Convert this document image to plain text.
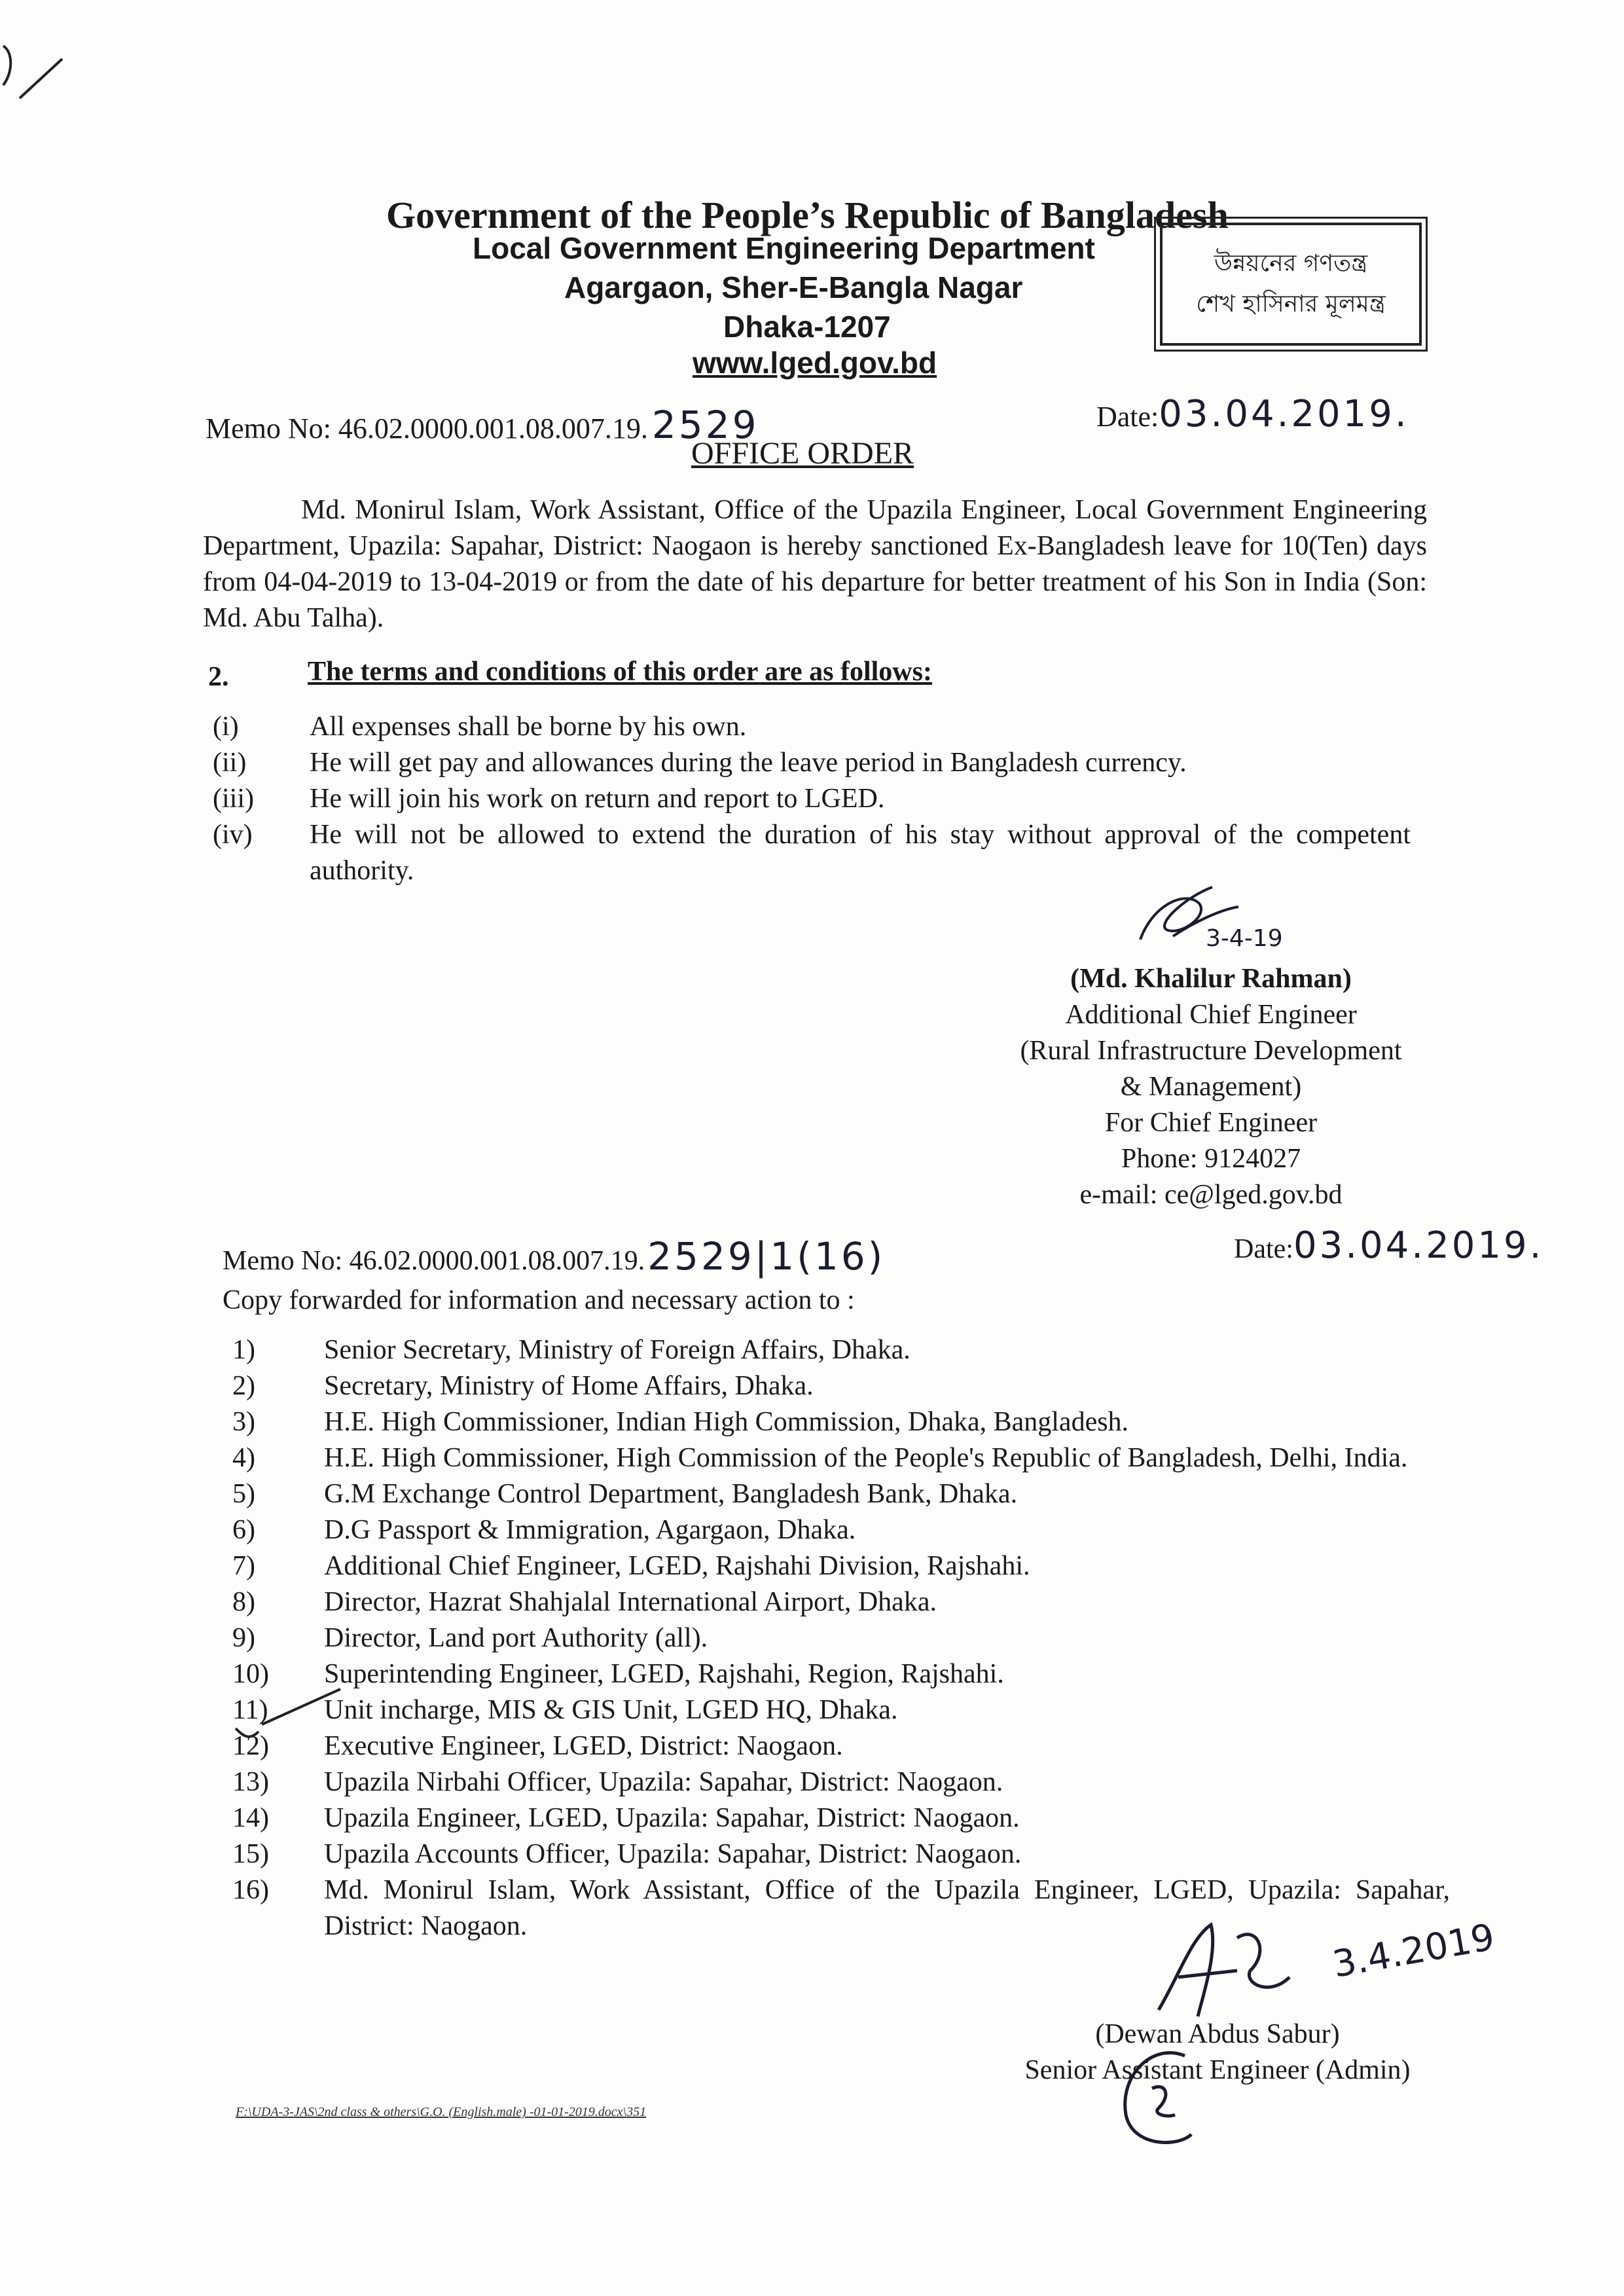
Government of the People’s Republic of Bangladesh
Local Government Engineering Department
Agargaon, Sher-E-Bangla Nagar
Dhaka-1207
www.lged.gov.bd
উন্নয়নের গণতন্ত্র
শেখ হাসিনার মূলমন্ত্র
Memo No: 46.02.0000.001.08.007.19. 2529	Date:03.04.2019.
OFFICE ORDER
Md. Monirul Islam, Work Assistant, Office of the Upazila Engineer, Local Government Engineering Department, Upazila: Sapahar, District: Naogaon is hereby sanctioned Ex-Bangladesh leave for 10(Ten) days from 04-04-2019 to 13-04-2019 or from the date of his departure for better treatment of his Son in India (Son: Md. Abu Talha).
2.	The terms and conditions of this order are as follows:
(i)	All expenses shall be borne by his own.
(ii)	He will get pay and allowances during the leave period in Bangladesh currency.
(iii)	He will join his work on return and report to LGED.
(iv)	He will not be allowed to extend the duration of his stay without approval of the competent authority.
3-4-19
(Md. Khalilur Rahman)
Additional Chief Engineer
(Rural Infrastructure Development
& Management)
For Chief Engineer
Phone: 9124027
e-mail: ce@lged.gov.bd
Memo No: 46.02.0000.001.08.007.19.2529|1(16)	Date:03.04.2019.
Copy forwarded for information and necessary action to :
1)	Senior Secretary, Ministry of Foreign Affairs, Dhaka.
2)	Secretary, Ministry of Home Affairs, Dhaka.
3)	H.E. High Commissioner, Indian High Commission, Dhaka, Bangladesh.
4)	H.E. High Commissioner, High Commission of the People's Republic of Bangladesh, Delhi, India.
5)	G.M Exchange Control Department, Bangladesh Bank, Dhaka.
6)	D.G Passport & Immigration, Agargaon, Dhaka.
7)	Additional Chief Engineer, LGED, Rajshahi Division, Rajshahi.
8)	Director, Hazrat Shahjalal International Airport, Dhaka.
9)	Director, Land port Authority (all).
10)	Superintending Engineer, LGED, Rajshahi, Region, Rajshahi.
11)	Unit incharge, MIS & GIS Unit, LGED HQ, Dhaka.
12)	Executive Engineer, LGED, District: Naogaon.
13)	Upazila Nirbahi Officer, Upazila: Sapahar, District: Naogaon.
14)	Upazila Engineer, LGED, Upazila: Sapahar, District: Naogaon.
15)	Upazila Accounts Officer, Upazila: Sapahar, District: Naogaon.
16)	Md. Monirul Islam, Work Assistant, Office of the Upazila Engineer, LGED, Upazila: Sapahar, District: Naogaon.	3.4.2019
(Dewan Abdus Sabur)
Senior Assistant Engineer (Admin)
F:\UDA-3-JAS\2nd class & others\G.O. (English.male) -01-01-2019.docx\351
